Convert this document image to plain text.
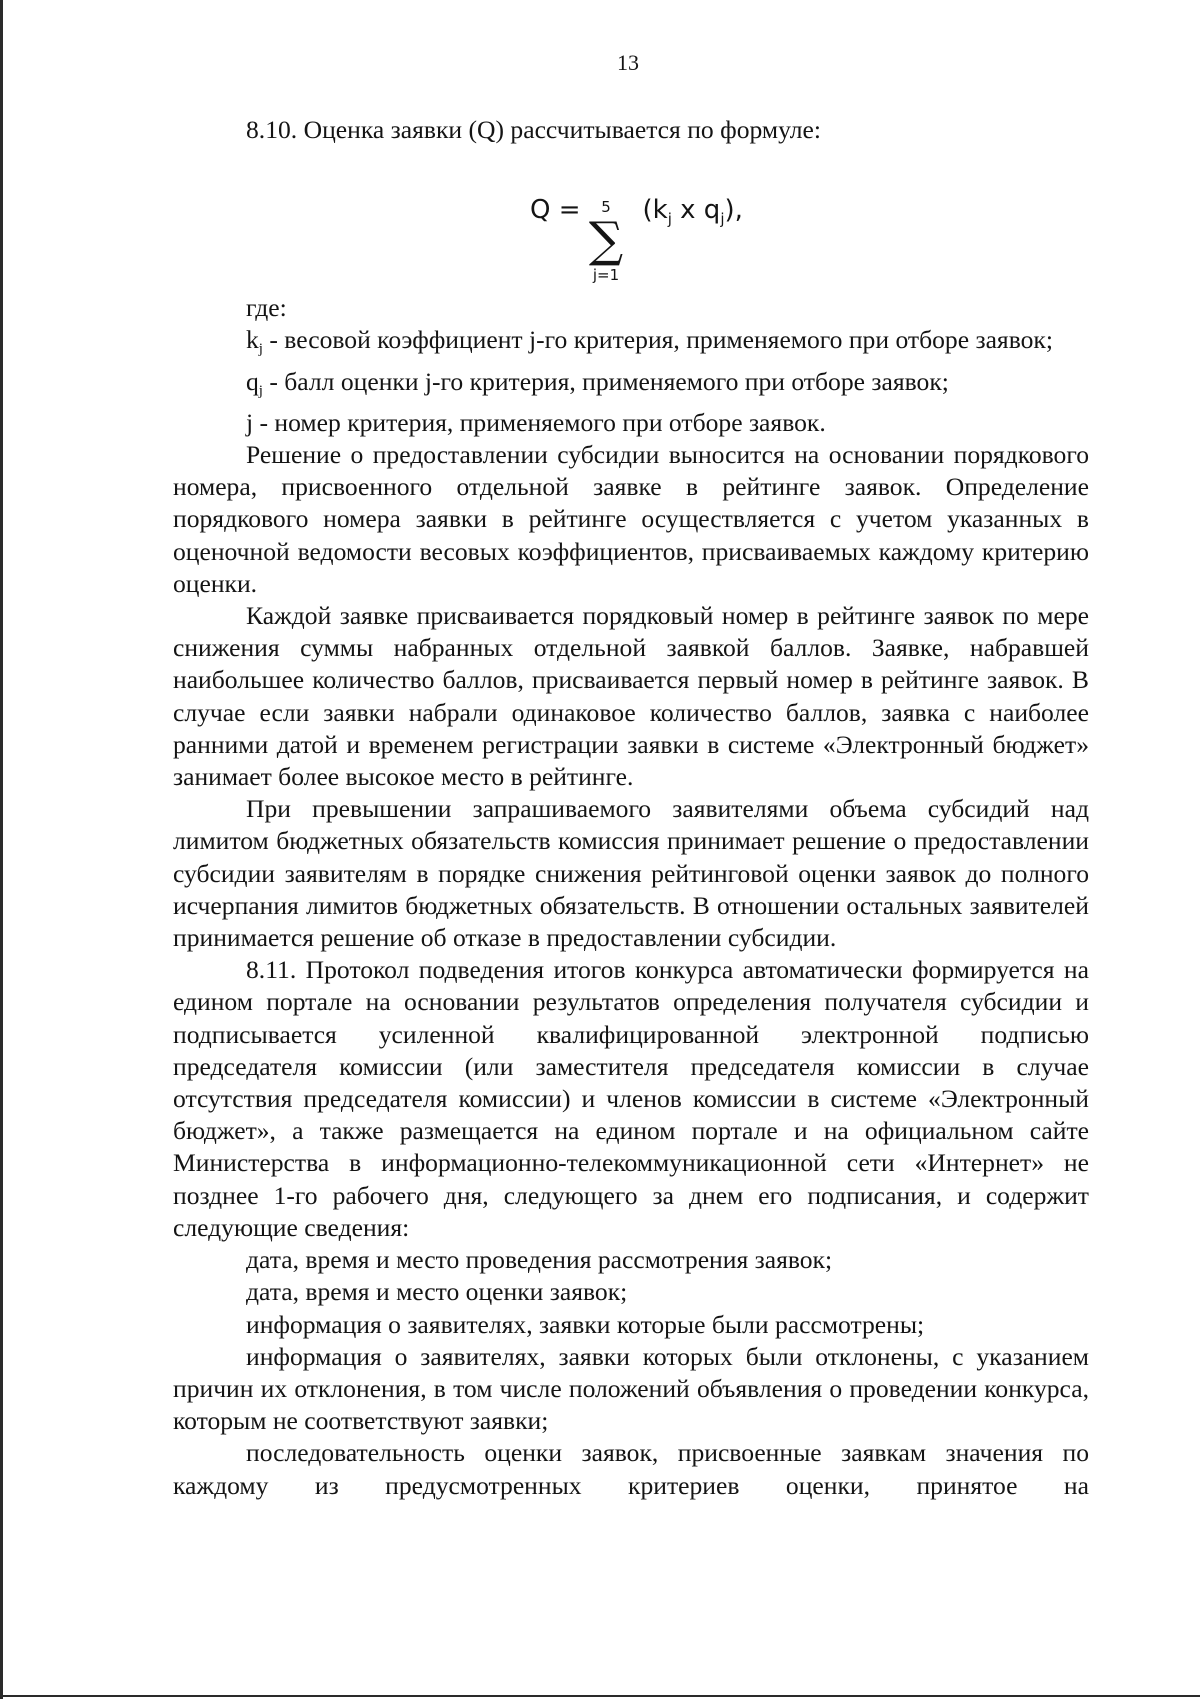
13

8.10. Оценка заявки (Q) рассчитывается по формуле:

$Q = (k_j$ x $q_j$),
5
∑
j=1

где:

kj - весовой коэффициент j-го критерия, применяемого при отборе заявок;

qj - балл оценки j-го критерия, применяемого при отборе заявок;

j - номер критерия, применяемого при отборе заявок.

Решение о предоставлении субсидии выносится на основании порядкового номера, присвоенного отдельной заявке в рейтинге заявок. Определение порядкового номера заявки в рейтинге осуществляется с учетом указанных в оценочной ведомости весовых коэффициентов, присваиваемых каждому критерию оценки.

Каждой заявке присваивается порядковый номер в рейтинге заявок по мере снижения суммы набранных отдельной заявкой баллов. Заявке, набравшей наибольшее количество баллов, присваивается первый номер в рейтинге заявок. В случае если заявки набрали одинаковое количество баллов, заявка с наиболее ранними датой и временем регистрации заявки в системе «Электронный бюджет» занимает более высокое место в рейтинге.

При превышении запрашиваемого заявителями объема субсидий над лимитом бюджетных обязательств комиссия принимает решение о предоставлении субсидии заявителям в порядке снижения рейтинговой оценки заявок до полного исчерпания лимитов бюджетных обязательств. В отношении остальных заявителей принимается решение об отказе в предоставлении субсидии.

8.11. Протокол подведения итогов конкурса автоматически формируется на едином портале на основании результатов определения получателя субсидии и подписывается усиленной квалифицированной электронной подписью председателя комиссии (или заместителя председателя комиссии в случае отсутствия председателя комиссии) и членов комиссии в системе «Электронный бюджет», а также размещается на едином портале и на официальном сайте Министерства в информационно-телекоммуникационной сети «Интернет» не позднее 1-го рабочего дня, следующего за днем его подписания, и содержит следующие сведения:

дата, время и место проведения рассмотрения заявок;

дата, время и место оценки заявок;

информация о заявителях, заявки которые были рассмотрены;

информация о заявителях, заявки которых были отклонены, с указанием причин их отклонения, в том числе положений объявления о проведении конкурса, которым не соответствуют заявки;

последовательность оценки заявок, присвоенные заявкам значения по каждому из предусмотренных критериев оценки, принятое на
